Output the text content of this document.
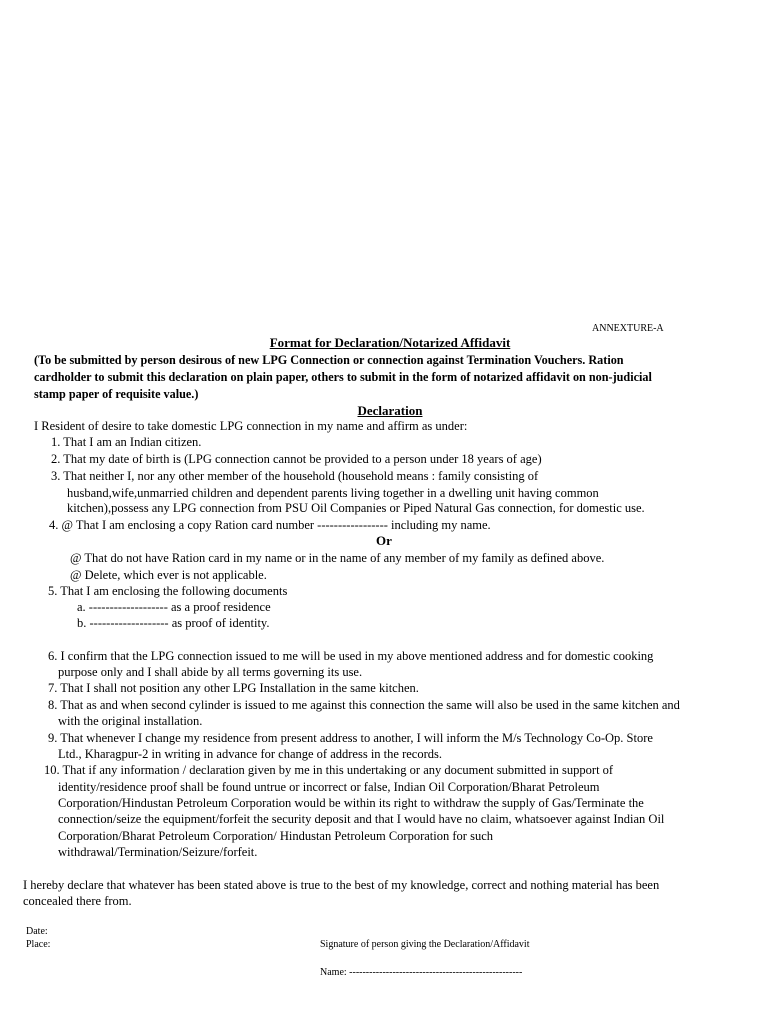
ANNEXTURE-A
Format for Declaration/Notarized Affidavit
(To be submitted by person desirous of new LPG Connection or connection against Termination Vouchers. Ration
cardholder to submit this declaration on plain paper, others to submit in the form of notarized affidavit on non-judicial
stamp paper of requisite value.)
Declaration
I Resident of desire to take domestic LPG connection in my name and affirm as under:
1. That I am an Indian citizen.
2. That my date of birth is (LPG connection cannot be provided to a person under 18 years of age)
3. That neither I, nor any other member of the household (household means : family consisting of
husband,wife,unmarried children and dependent parents living together in a dwelling unit having common
kitchen),possess any LPG connection from PSU Oil Companies or Piped Natural Gas connection, for domestic use.
4. @ That I am enclosing a copy Ration card number ----------------- including my name.
Or
@ That do not have Ration card in my name or in the name of any member of my family as defined above.
@ Delete, which ever is not applicable.
5. That I am enclosing the following documents
a. ------------------- as a proof residence
b. ------------------- as proof of identity.
6. I confirm that the LPG connection issued to me will be used in my above mentioned address and for domestic cooking
purpose only and I shall abide by all terms governing its use.
7. That I shall not position any other LPG Installation in the same kitchen.
8. That as and when second cylinder is issued to me against this connection the same will also be used in the same kitchen and
with the original installation.
9. That whenever I change my residence from present address to another, I will inform the M/s Technology Co-Op. Store
Ltd., Kharagpur-2 in writing in advance for change of address in the records.
10. That if any information / declaration given by me in this undertaking or any document submitted in support of
identity/residence proof shall be found untrue or incorrect or false, Indian Oil Corporation/Bharat Petroleum
Corporation/Hindustan Petroleum Corporation would be within its right to withdraw the supply of Gas/Terminate the
connection/seize the equipment/forfeit the security deposit and that I would have no claim, whatsoever against Indian Oil
Corporation/Bharat Petroleum Corporation/ Hindustan Petroleum Corporation for such
withdrawal/Termination/Seizure/forfeit.
I hereby declare that whatever has been stated above is true to the best of my knowledge, correct and nothing material has been
concealed there from.
Date:
Place:	Signature of person giving the Declaration/Affidavit
Name: ----------------------------------------------------
